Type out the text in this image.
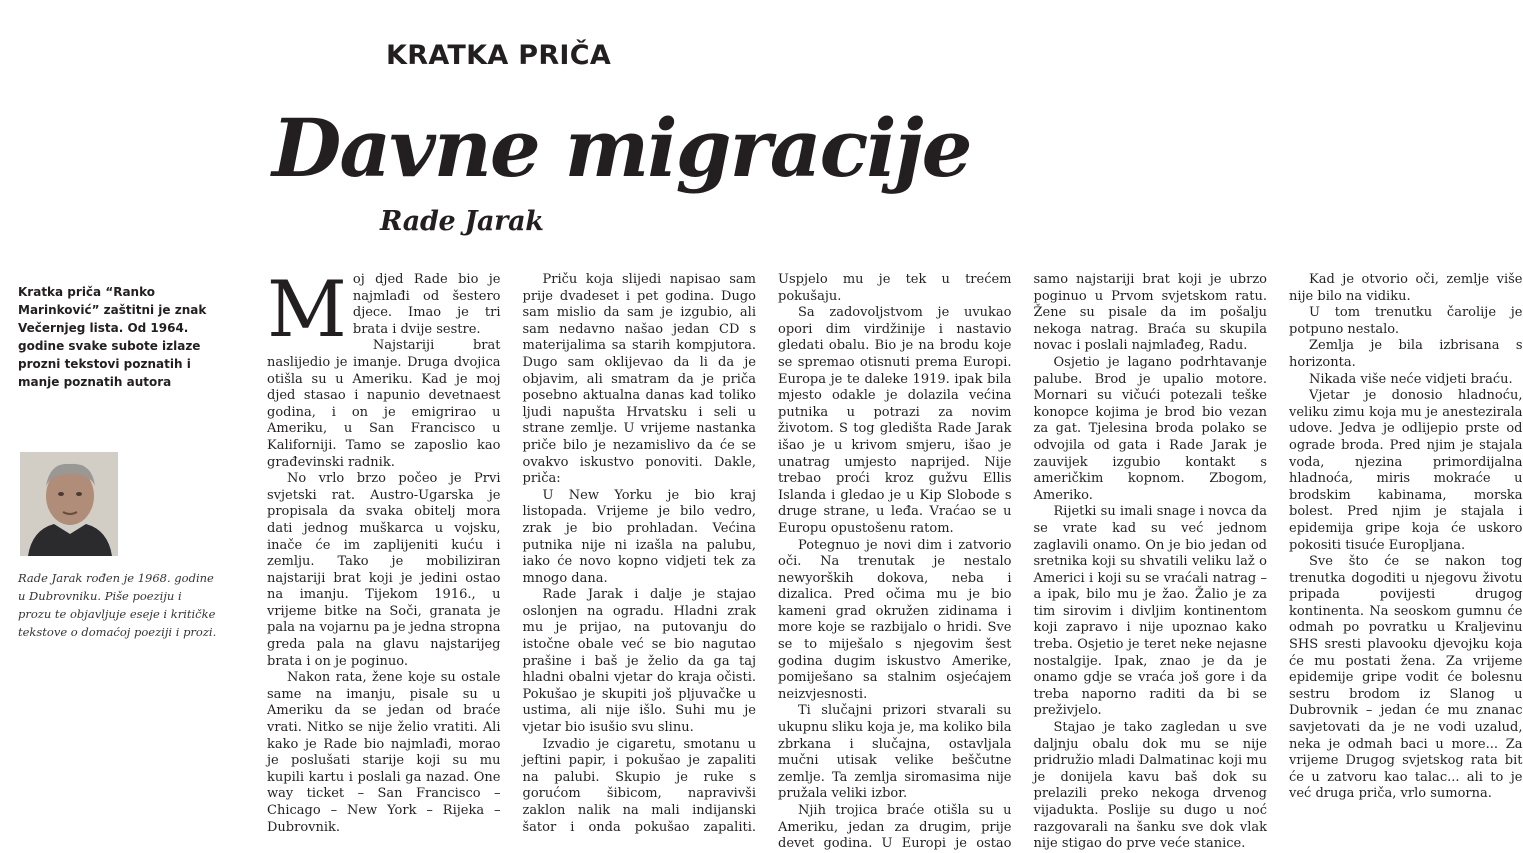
KRATKA PRIČA
Davne migracije
Rade Jarak
Kratka priča “Ranko Marinković” zaštitni je znak Večernjeg lista. Od 1964. godine svake subote izlaze prozni tekstovi poznatih i manje poznatih autora
Rade Jarak rođen je 1968. godine u Dubrovniku. Piše poeziju i prozu te objavljuje eseje i kritičke tekstove o domaćoj poeziji i prozi.

Moj djed Rade bio je najmlađi od šestero djece. Imao je tri brata i dvije sestre.

Najstariji brat naslijedio je imanje. Druga dvojica otišla su u Ameriku. Kad je moj djed stasao i napunio devetnaest godina, i on je emigrirao u Ameriku, u San Francisco u Kaliforniji. Tamo se zaposlio kao građevinski radnik.

No vrlo brzo počeo je Prvi svjetski rat. Austro-Ugarska je propisala da svaka obitelj mora dati jednog muškarca u vojsku, inače će im zaplijeniti kuću i zemlju. Tako je mobiliziran najstariji brat koji je jedini ostao na imanju. Tijekom 1916., u vrijeme bitke na Soči, granata je pala na vojarnu pa je jedna stropna greda pala na glavu najstarijeg brata i on je poginuo.

Nakon rata, žene koje su ostale same na imanju, pisale su u Ameriku da se jedan od braće vrati. Nitko se nije želio vratiti. Ali kako je Rade bio najmlađi, morao je poslušati starije koji su mu kupili kartu i poslali ga nazad. One way ticket – San Francisco – Chicago – New York – Rijeka – Dubrovnik.

Priču koja slijedi napisao sam prije dvadeset i pet godina. Dugo sam mislio da sam je izgubio, ali sam nedavno našao jedan CD s materijalima sa starih kompjutora. Dugo sam oklijevao da li da je objavim, ali smatram da je priča posebno aktualna danas kad toliko ljudi napušta Hrvatsku i seli u strane zemlje. U vrijeme nastanka priče bilo je nezamislivo da će se ovakvo iskustvo ponoviti. Dakle, priča:

U New Yorku je bio kraj listopada. Vrijeme je bilo vedro, zrak je bio prohladan. Većina putnika nije ni izašla na palubu, iako će novo kopno vidjeti tek za mnogo dana.

Rade Jarak i dalje je stajao oslonjen na ogradu. Hladni zrak mu je prijao, na putovanju do istočne obale već se bio nagutao prašine i baš je želio da ga taj hladni obalni vjetar do kraja očisti. Pokušao je skupiti još pljuvačke u ustima, ali nije išlo. Suhi mu je vjetar bio isušio svu slinu.

Izvadio je cigaretu, smotanu u jeftini papir, i pokušao je zapaliti na palubi. Skupio je ruke s gorućom šibicom, napravivši zaklon nalik na mali indijanski šator i onda pokušao zapaliti. Uspjelo mu je tek u trećem pokušaju.

Sa zadovoljstvom je uvukao opori dim virdžinije i nastavio gledati obalu. Bio je na brodu koje se spremao otisnuti prema Europi. Europa je te daleke 1919. ipak bila mjesto odakle je dolazila većina putnika u potrazi za novim životom. S tog gledišta Rade Jarak išao je u krivom smjeru, išao je unatrag umjesto naprijed. Nije trebao proći kroz gužvu Ellis Islanda i gledao je u Kip Slobode s druge strane, u leđa. Vraćao se u Europu opustošenu ratom.

Potegnuo je novi dim i zatvorio oči. Na trenutak je nestalo newyorških dokova, neba i dizalica. Pred očima mu je bio kameni grad okružen zidinama i more koje se razbijalo o hridi. Sve se to miješalo s njegovim šest godina dugim iskustvo Amerike, pomiješano sa stalnim osjećajem neizvjesnosti.

Ti slučajni prizori stvarali su ukupnu sliku koja je, ma koliko bila zbrkana i slučajna, ostavljala mučni utisak velike beščutne zemlje. Ta zemlja siromasima nije pružala veliki izbor.

Njih trojica braće otišla su u Ameriku, jedan za drugim, prije devet godina. U Europi je ostao samo najstariji brat koji je ubrzo poginuo u Prvom svjetskom ratu. Žene su pisale da im pošalju nekoga natrag. Braća su skupila novac i poslali najmlađeg, Radu.

Osjetio je lagano podrhtavanje palube. Brod je upalio motore. Mornari su vičući potezali teške konopce kojima je brod bio vezan za gat. Tjelesina broda polako se odvojila od gata i Rade Jarak je zauvijek izgubio kontakt s američkim kopnom. Zbogom, Ameriko.

Rijetki su imali snage i novca da se vrate kad su već jednom zaglavili onamo. On je bio jedan od sretnika koji su shvatili veliku laž o Americi i koji su se vraćali natrag – a ipak, bilo mu je žao. Žalio je za tim sirovim i divljim kontinentom koji zapravo i nije upoznao kako treba. Osjetio je teret neke nejasne nostalgije. Ipak, znao je da je onamo gdje se vraća još gore i da treba naporno raditi da bi se preživjelo.

Stajao je tako zagledan u sve daljnju obalu dok mu se nije pridružio mladi Dalmatinac koji mu je donijela kavu baš dok su prelazili preko nekoga drvenog vijadukta. Poslije su dugo u noć razgovarali na šanku sve dok vlak nije stigao do prve veće stanice.

Kad je otvorio oči, zemlje više nije bilo na vidiku.

U tom trenutku čarolije je potpuno nestalo.

Zemlja je bila izbrisana s horizonta.

Nikada više neće vidjeti braću.

Vjetar je donosio hladnoću, veliku zimu koja mu je anestezirala udove. Jedva je odlijepio prste od ograde broda. Pred njim je stajala voda, njezina primordijalna hladnoća, miris mokraće u brodskim kabinama, morska bolest. Pred njim je stajala i epidemija gripe koja će uskoro pokositi tisuće Europljana.

Sve što će se nakon tog trenutka dogoditi u njegovu životu pripada povijesti drugog kontinenta. Na seoskom gumnu će odmah po povratku u Kraljevinu SHS sresti plavooku djevojku koja će mu postati žena. Za vrijeme epidemije gripe vodit će bolesnu sestru brodom iz Slanog u Dubrovnik – jedan će mu znanac savjetovati da je ne vodi uzalud, neka je odmah baci u more... Za vrijeme Drugog svjetskog rata bit će u zatvoru kao talac... ali to je već druga priča, vrlo sumorna.
